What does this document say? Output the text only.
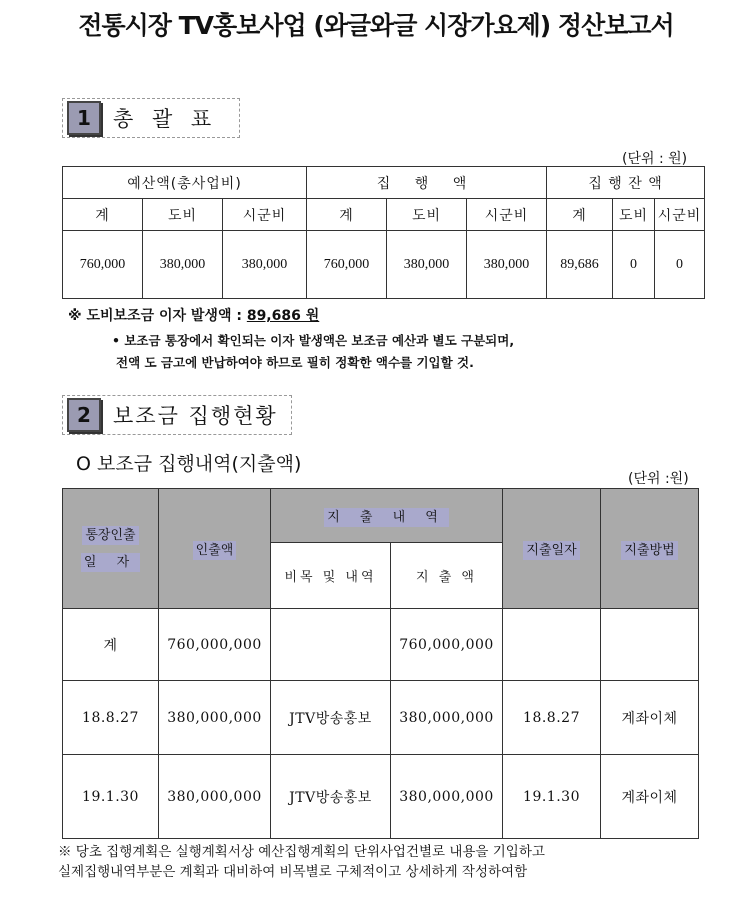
전통시장 TV홍보사업 (와글와글 시장가요제) 정산보고서
1	총 괄 표
(단위 : 원)
예산액(총사업비)			집 행 액			집 행 잔 액		
계	도비	시군비	계	도비	시군비	계	도비	시군비
760,000	380,000	380,000	760,000	380,000	380,000	89,686	0	0
※ 도비보조금 이자 발생액 : 89,686 원
• 보조금 통장에서 확인되는 이자 발생액은 보조금 예산과 별도 구분되며,
전액 도 금고에 반납하여야 하므로 필히 정확한 액수를 기입할 것.
2	보조금 집행현황
O 보조금 집행내역(지출액)
(단위 :원)
통장인출
일 자	인출액	지 출 내 역		지출일자	지출방법
		비목 및 내역	지 출 액		
계	760,000,000		760,000,000		
18.8.27	380,000,000	JTV방송홍보	380,000,000	18.8.27	계좌이체
19.1.30	380,000,000	JTV방송홍보	380,000,000	19.1.30	계좌이체
※ 당초 집행계획은 실행계획서상 예산집행계획의 단위사업건별로 내용을 기입하고
실제집행내역부분은 계획과 대비하여 비목별로 구체적이고 상세하게 작성하여함
